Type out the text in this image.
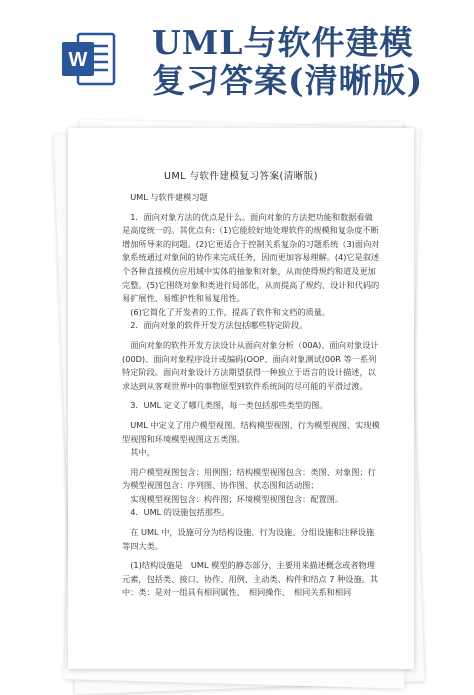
W UML与软件建模
复习答案(清晰版)
UML 与软件建模复习答案(清晰版)

UML 与软件建模习题

1．面向对象方法的优点是什么。面向对象的方法把功能和数据看做是高度统一的。其优点有:（1)它能较好地处理软件的规模和复杂度不断增加所导来的问题。(2)它更适合于控制关系复杂的习题系统（3)面向对象系统通过对象间的协作来完成任务，因而更加容易理解。(4)它是叙述个各种直接模仿应用域中实体的抽象和对象，从而使得规约和道及更加完整。(5)它围绕对象和类进行局部化，从而提高了规约、设计和代码的易扩展性、易维护性和易复用性。

(6)它简化了开发者的工作，提高了软件和文档的质量。

2．面向对象的软件开发方法包括哪些特定阶段。

面向对象的软件开发方法设计从面向对象分析（00A)、面向对象设计(00D)、面向对象程序设计或编码(OOP、面向对象测试(00R 等一系列特定阶段。面向对象设计方法期望获得一种独立于语言的设计描述，以求达到从客观世界中的事物原型到软件系统间的尽可能的平滑过渡。

3．UML 定义了哪几类图，每一类包括那些类型的图。

UML 中定义了用户模型视图、结构模型视图、行为模型视图、实现模型视图和环境模型视图这五类图。

其中，

用户模型视图包含：用例图；结构模型视图包含：类图、对象图；行为模型视图包含：序列图、协作图、状态图和活动图；

实现模型视图包含：构件图；环境模型视图包含：配置图。

4．UML 的设施包括那些。

在 UML 中，设施可分为结构设施、行为设施、分组设施和注释设施等四大类。

(1)结构设施是　UML 模型的静态部分，主要用来描述概念或者物理元素，包括类、接口、协作、用例、主动类、构件和结点 7 种设施。其中：类：是对一组具有相同属性、　相同操作、　相同关系和相同
